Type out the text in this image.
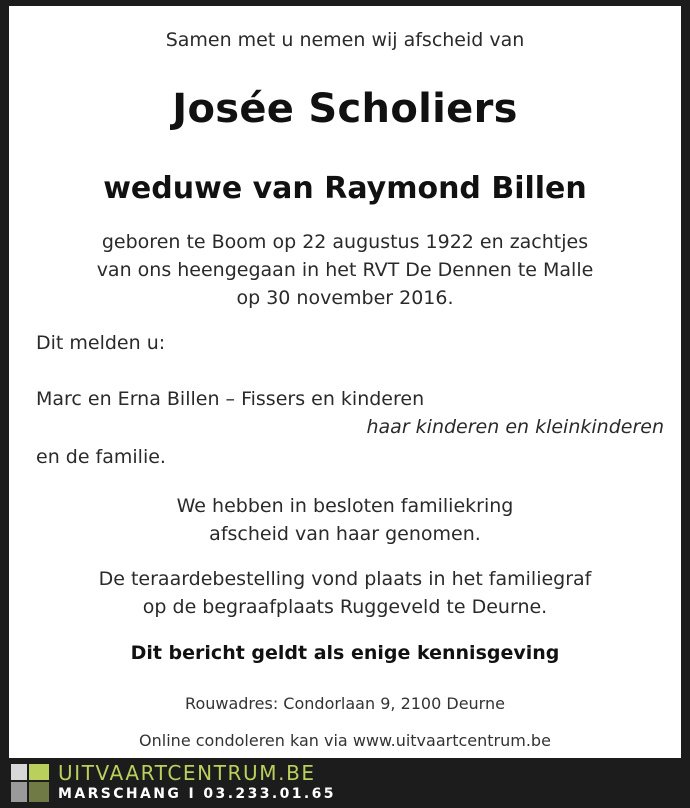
Samen met u nemen wij afscheid van
Josée Scholiers
weduwe van Raymond Billen
geboren te Boom op 22 augustus 1922 en zachtjes
van ons heengegaan in het RVT De Dennen te Malle
op 30 november 2016.
Dit melden u:
Marc en Erna Billen – Fissers en kinderen
haar kinderen en kleinkinderen
en de familie.
We hebben in besloten familiekring
afscheid van haar genomen.
De teraardebestelling vond plaats in het familiegraf
op de begraafplaats Ruggeveld te Deurne.
Dit bericht geldt als enige kennisgeving
Rouwadres: Condorlaan 9, 2100 Deurne
Online condoleren kan via www.uitvaartcentrum.be
UITVAARTCENTRUM.BE
MARSCHANG I 03.233.01.65
